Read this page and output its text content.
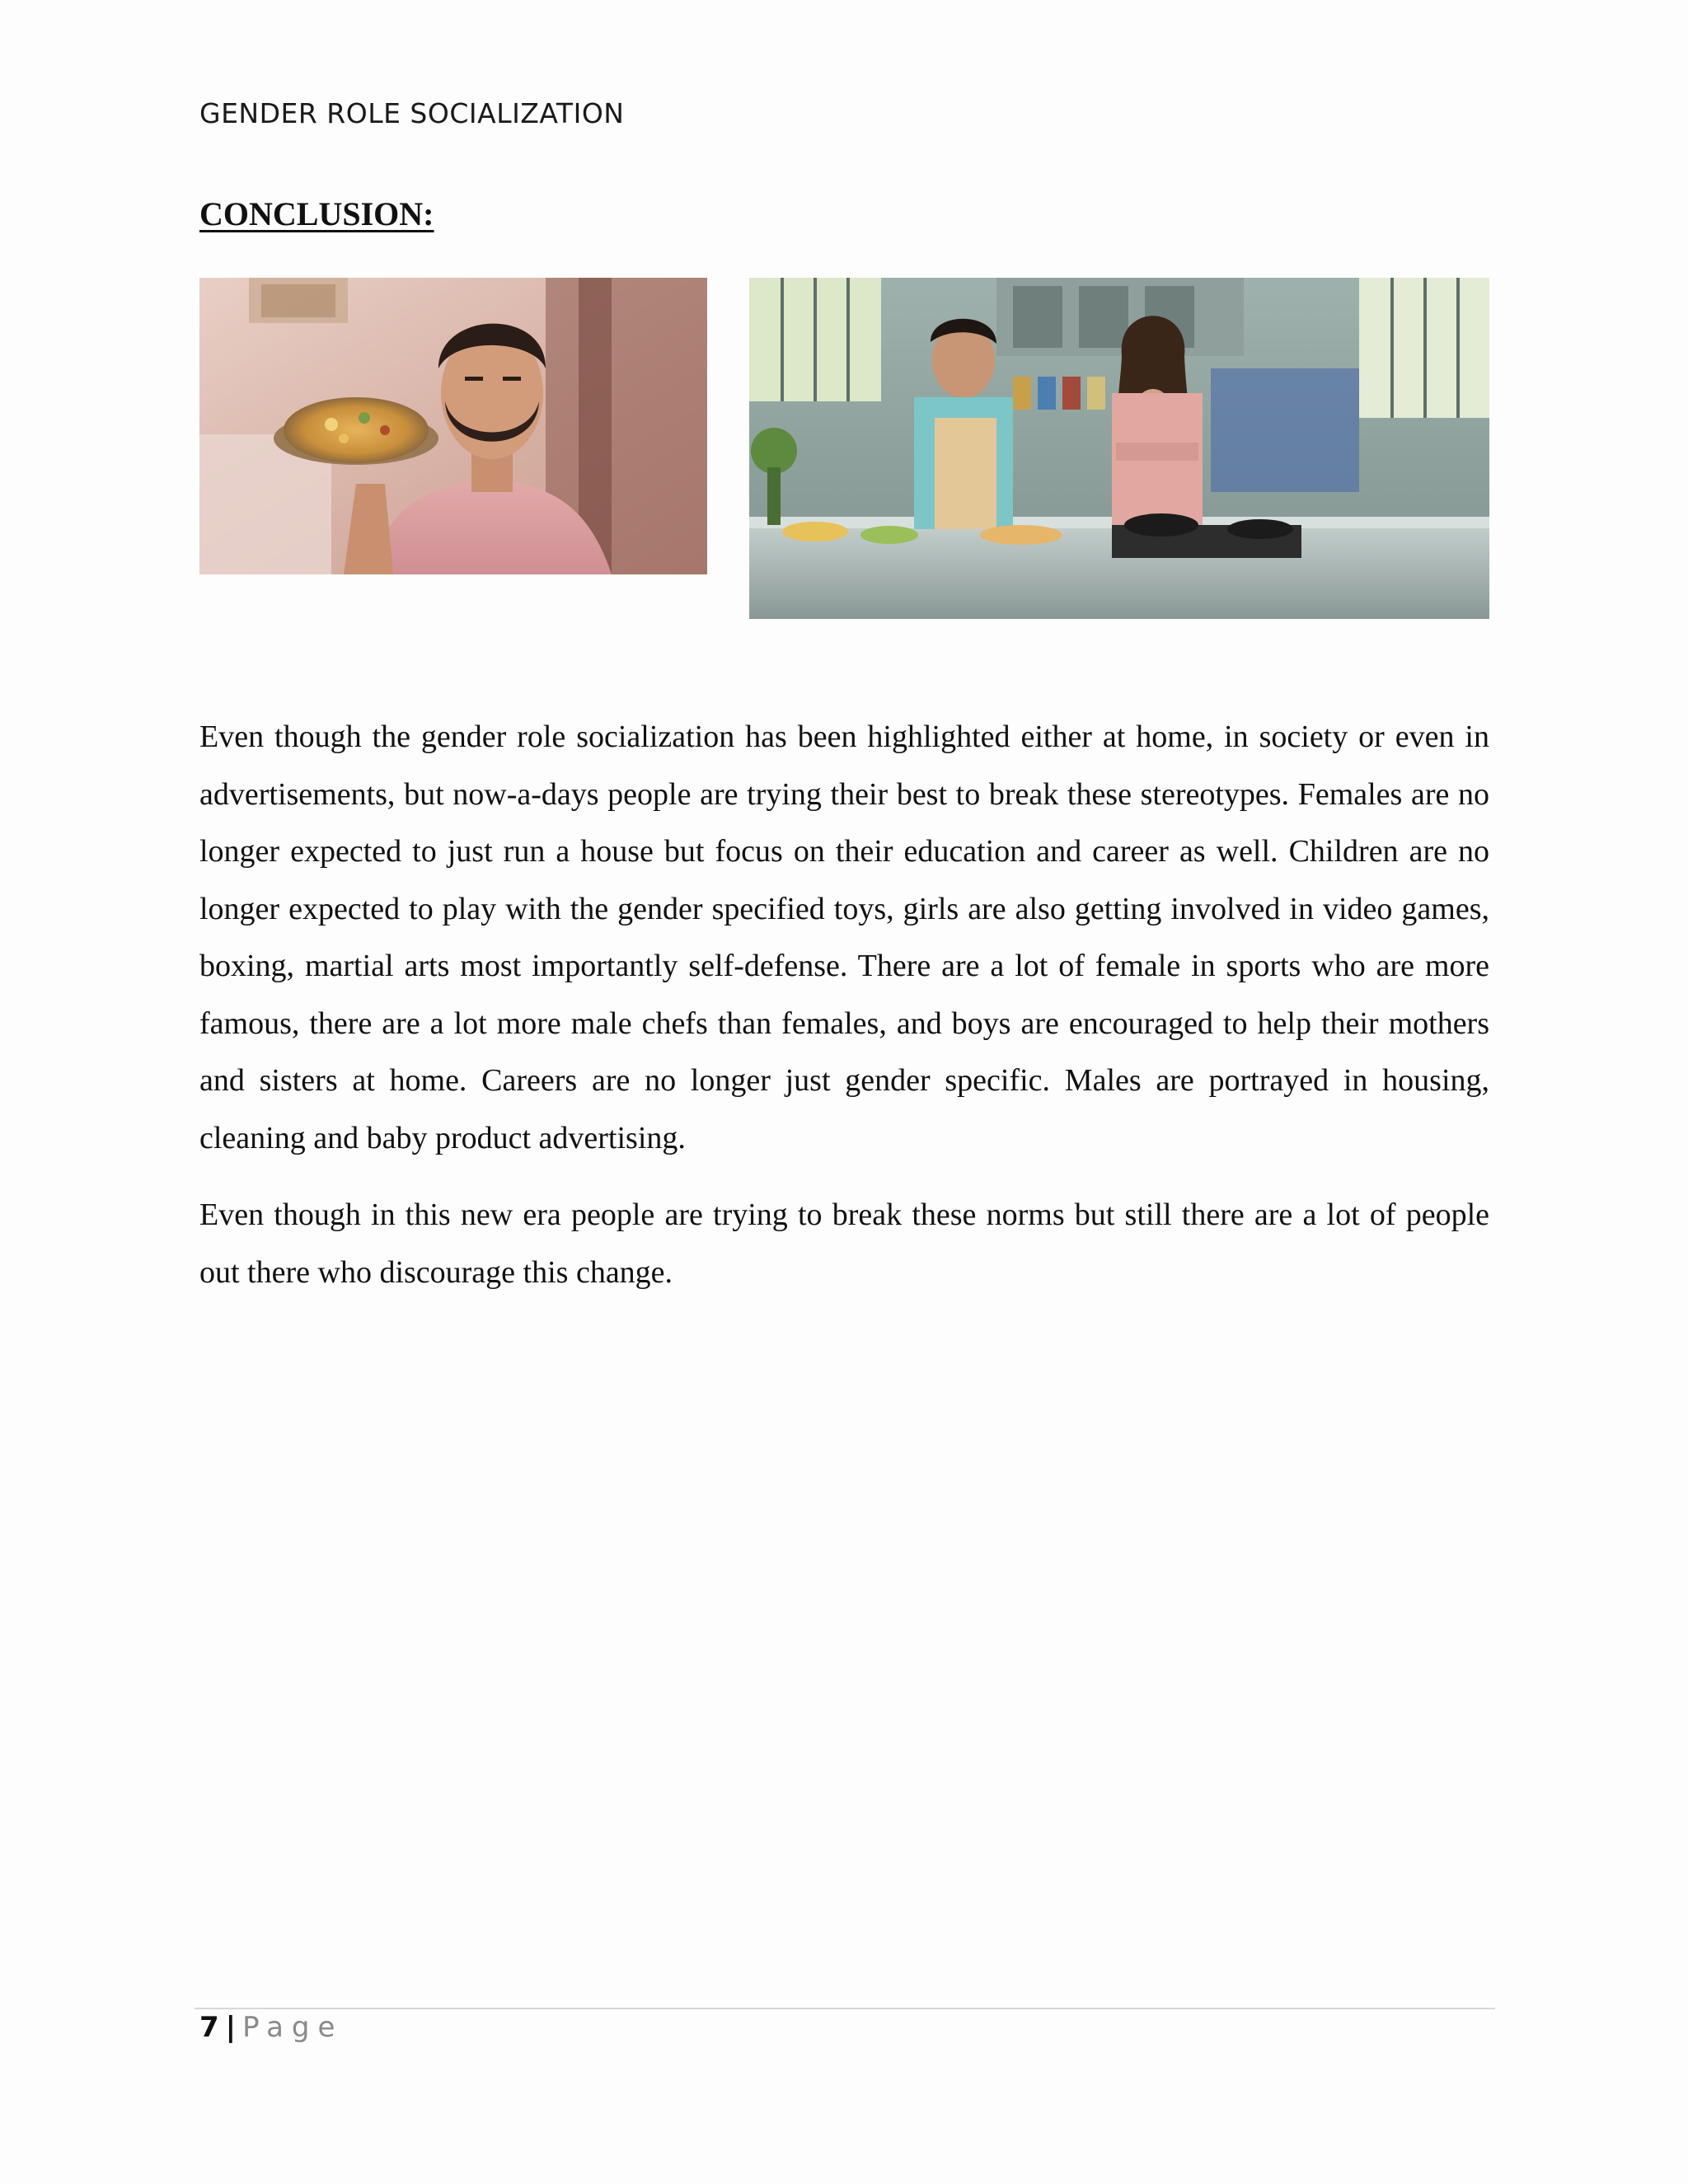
GENDER ROLE SOCIALIZATION
CONCLUSION:

Even though the gender role socialization has been highlighted either at home, in society or even in advertisements, but now-a-days people are trying their best to break these stereotypes. Females are no longer expected to just run a house but focus on their education and career as well. Children are no longer expected to play with the gender specified toys, girls are also getting involved in video games, boxing, martial arts most importantly self-defense. There are a lot of female in sports who are more famous, there are a lot more male chefs than females, and boys are encouraged to help their mothers and sisters at home. Careers are no longer just gender specific. Males are portrayed in housing, cleaning and baby product advertising.

Even though in this new era people are trying to break these norms but still there are a lot of people out there who discourage this change.

7 | Page
